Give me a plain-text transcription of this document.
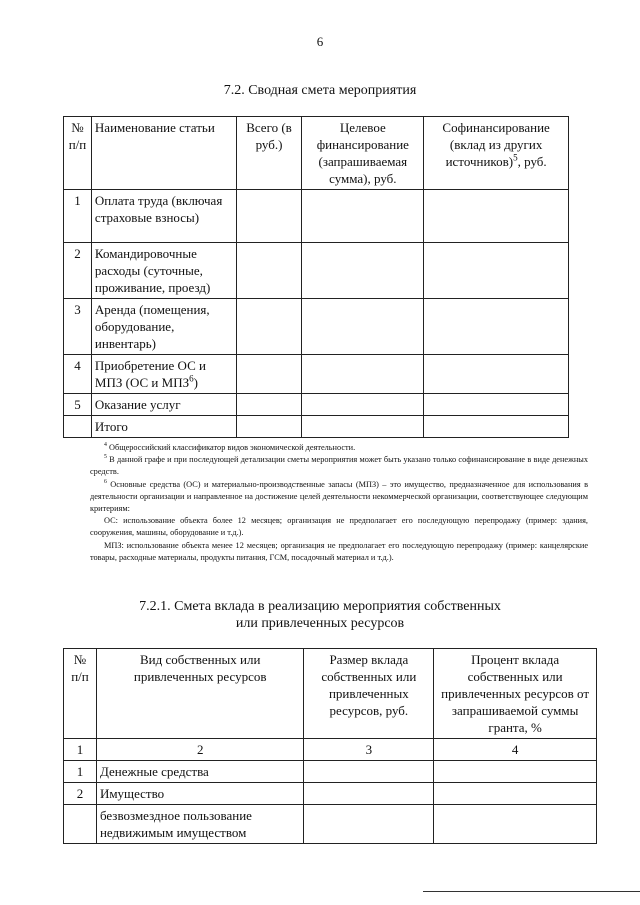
6
7.2. Сводная смета мероприятия
№ п/п	Наименование статьи	Всего (в руб.)	Целевое финансирование (запрашиваемая сумма), руб.	Софинансирование (вклад из других источников)$^5$, руб.
1	Оплата труда (включая страховые взносы)			
2	Командировочные расходы (суточные, проживание, проезд)			
3	Аренда (помещения, оборудование, инвентарь)			
4	Приобретение ОС и МПЗ (ОС и МПЗ$^6$)			
5	Оказание услуг			
	Итого			

$^4$ Общероссийский классификатор видов экономической деятельности.

$^5$ В данной графе и при последующей детализации сметы мероприятия может быть указано только софинансирование в виде денежных средств.

$^6$ Основные средства (ОС) и материально-производственные запасы (МПЗ) – это имущество, предназначенное для использования в деятельности организации и направленное на достижение целей деятельности некоммерческой организации, соответствующее следующим критериям:

ОС: использование объекта более 12 месяцев; организация не предполагает его последующую перепродажу (пример: здания, сооружения, машины, оборудование и т.д.).

МПЗ: использование объекта менее 12 месяцев; организация не предполагает его последующую перепродажу (пример: канцелярские товары, расходные материалы, продукты питания, ГСМ, посадочный материал и т.д.).

7.2.1. Смета вклада в реализацию мероприятия собственных
или привлеченных ресурсов
№ п/п	Вид собственных или привлеченных ресурсов	Размер вклада собственных или привлеченных ресурсов, руб.	Процент вклада собственных или привлеченных ресурсов от запрашиваемой суммы гранта, %
1	2	3	4
1	Денежные средства		
2	Имущество		
	безвозмездное пользование недвижимым имуществом		
